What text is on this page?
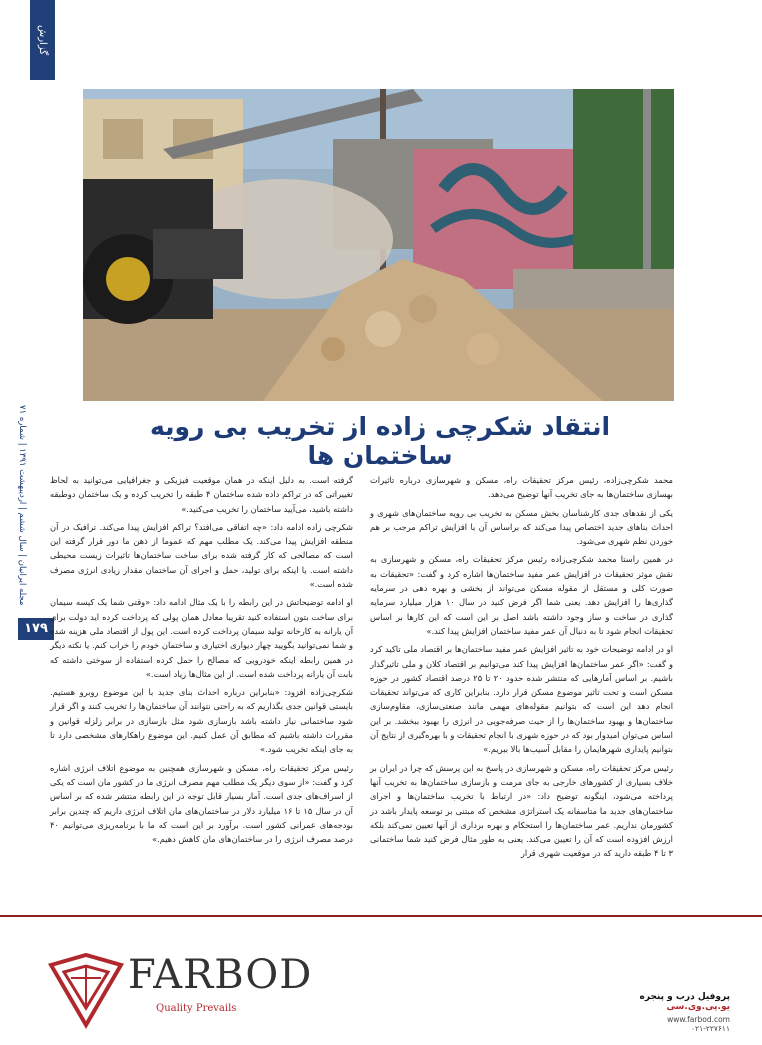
گزارش
انتقاد شکرچی زاده از تخریب بی رویه ساختمان ها
مجله ایرانیان | سال ششم | اردیبهشت ۱۳۹۱ | شماره ۷۱
۱۷۹

محمد شکرچی‌زاده، رئیس مرکز تحقیقات راه، مسکن و شهرسازی درباره تاثیرات بهسازی ساختمان‌ها به جای تخریب آنها توضیح می‌دهد.

یکی از نقدهای جدی کارشناسان بخش مسکن به تخریب بی رویه ساختمان‌های شهری و احداث بناهای جدید اختصاص پیدا می‌کند که براساس آن با افزایش تراکم مرجب بر هم خوردن نظم شهری می‌شود.

در همین راستا محمد شکرچی‌زاده رئیس مرکز تحقیقات راه، مسکن و شهرسازی به نقش موثر تحقیقات در افزایش عمر مفید ساختمان‌ها اشاره کرد و گفت: «تحقیقات به صورت کلی و مستقل از مقوله مسکن می‌تواند از بخشی و بهره دهی در سرمایه گذاری‌ها را افزایش دهد. یعنی شما اگر فرض کنید در سال ۱۰ هزار میلیارد سرمایه گذاری در ساخت و ساز وجود داشته باشد اصل بر این است که این کارها بر اساس تحقیقات انجام شود تا به دنبال آن عمر مفید ساختمان افزایش پیدا کند.»

او در ادامه توضیحات خود به تاثیر افزایش عمر مفید ساختمان‌ها بر اقتصاد ملی تاکید کرد و گفت: «اگر عمر ساختمان‌ها افزایش پیدا کند می‌توانیم بر اقتصاد کلان و ملی تاثیرگذار باشیم. بر اساس آمارهایی که منتشر شده حدود ۲۰ تا ۲۵ درصد اقتصاد کشور در حوزه مسکن است و تحت تاثیر موضوع مسکن قرار دارد. بنابراین کاری که می‌تواند تحقیقات انجام دهد این است که بتوانیم مقوله‌های مهمی مانند صنعتی‌سازی، مقاوم‌سازی ساختمان‌ها و بهبود ساختمان‌ها را از حیث صرفه‌جویی در انرژی را بهبود ببخشد. بر این اساس می‌توان امیدوار بود که در حوزه شهری با انجام تحقیقات و با بهره‌گیری از نتایج آن بتوانیم پایداری شهرهایمان را مقابل آسیب‌ها بالا ببریم.»

رئیس مرکز تحقیقات راه، مسکن و شهرسازی در پاسخ به این پرسش که چرا در ایران بر خلاف بسیاری از کشورهای خارجی به جای مرمت و بازسازی ساختمان‌ها به تخریب آنها پرداخته می‌شود، اینگونه توضیح داد: «در ارتباط با تخریب ساختمان‌ها و اجرای ساختمان‌های جدید ما متاسفانه یک استراتژی مشخص که مبتنی بر توسعه پایدار باشد در کشورمان نداریم. عمر ساختمان‌ها را استحکام و بهره برداری از آنها تعیین نمی‌کند بلکه ارزش افزوده است که آن را تعیین می‌کند. یعنی به طور مثال فرض کنید شما ساختمانی ۳ تا ۴ طبقه دارید که در موقعیت شهری قرار

گرفته است. به دلیل اینکه در همان موقعیت فیزیکی و جغرافیایی می‌توانید به لحاظ تغییراتی که در تراکم داده شده ساختمان ۴ طبقه را تخریب کرده و یک ساختمان دوطبقه داشته باشید، می‌آیید ساختمان را تخریب می‌کنید.»

شکرچی زاده ادامه داد: «چه اتفاقی می‌افتد؟ تراکم افزایش پیدا می‌کند. ترافیک در آن منطقه افزایش پیدا می‌کند. یک مطلب مهم که عموما از ذهن ما دور قرار گرفته این است که مصالحی که کار گرفته شده برای ساخت ساختمان‌ها تاثیرات زیست محیطی داشته است. یا اینکه برای تولید، حمل و اجرای آن ساختمان مقدار زیادی انرژی مصرف شده است.»

او ادامه توضیحاتش در این رابطه را با یک مثال ادامه داد: «وقتی شما یک کیسه سیمان برای ساخت بتون استفاده کنید تقریبا معادل همان پولی که پرداخت کرده اید دولت برای آن یارانه به کارخانه تولید سیمان پرداخت کرده است. این پول از اقتصاد ملی هزینه شده و شما نمی‌توانید بگویید چهار دیواری اختیاری و ساختمان خودم را خراب کنم. یا نکته دیگر در همین رابطه اینکه خودرویی که مصالح را حمل کرده استفاده از سوختی داشته که بابت آن یارانه پرداخت شده است. از این مثال‌ها زیاد است.»

شکرچی‌زاده افزود: «بنابراین درباره احداث بنای جدید با این موضوع روبرو هستیم. بایستی قوانین جدی بگذاریم که به راحتی نتوانند آن ساختمان‌ها را تخریب کنند و اگر قرار شود ساختمانی نیاز داشته باشد بازسازی شود مثل بازسازی در برابر زلزله قوانین و مقررات داشته باشیم که مطابق آن عمل کنیم. این موضوع راهکارهای مشخصی دارد تا به جای اینکه تخریب شود.»

رئیس مرکز تحقیقات راه، مسکن و شهرسازی همچنین به موضوع اتلاف انرژی اشاره کرد و گفت: «از سوی دیگر یک مطلب مهم مصرف انرژی ما در کشور مان است که یکی از اسراف‌های جدی است. آمار بسیار قابل توجه در این رابطه منتشر شده که بر اساس آن در سال ۱۵ تا ۱۶ میلیارد دلار در ساختمان‌های مان اتلاف انرژی داریم که چندین برابر بودجه‌های عمرانی کشور است. برآورد بر این است که ما با برنامه‌ریزی می‌توانیم ۴۰ درصد مصرف انرژی را در ساختمان‌های مان کاهش دهیم.»

FARBOD
Quality Prevails
پروفیل درب و پنجره
یو.پی.وی.سی
www.farbod.com
۰۲۱-۲۲۷۶۱۱
